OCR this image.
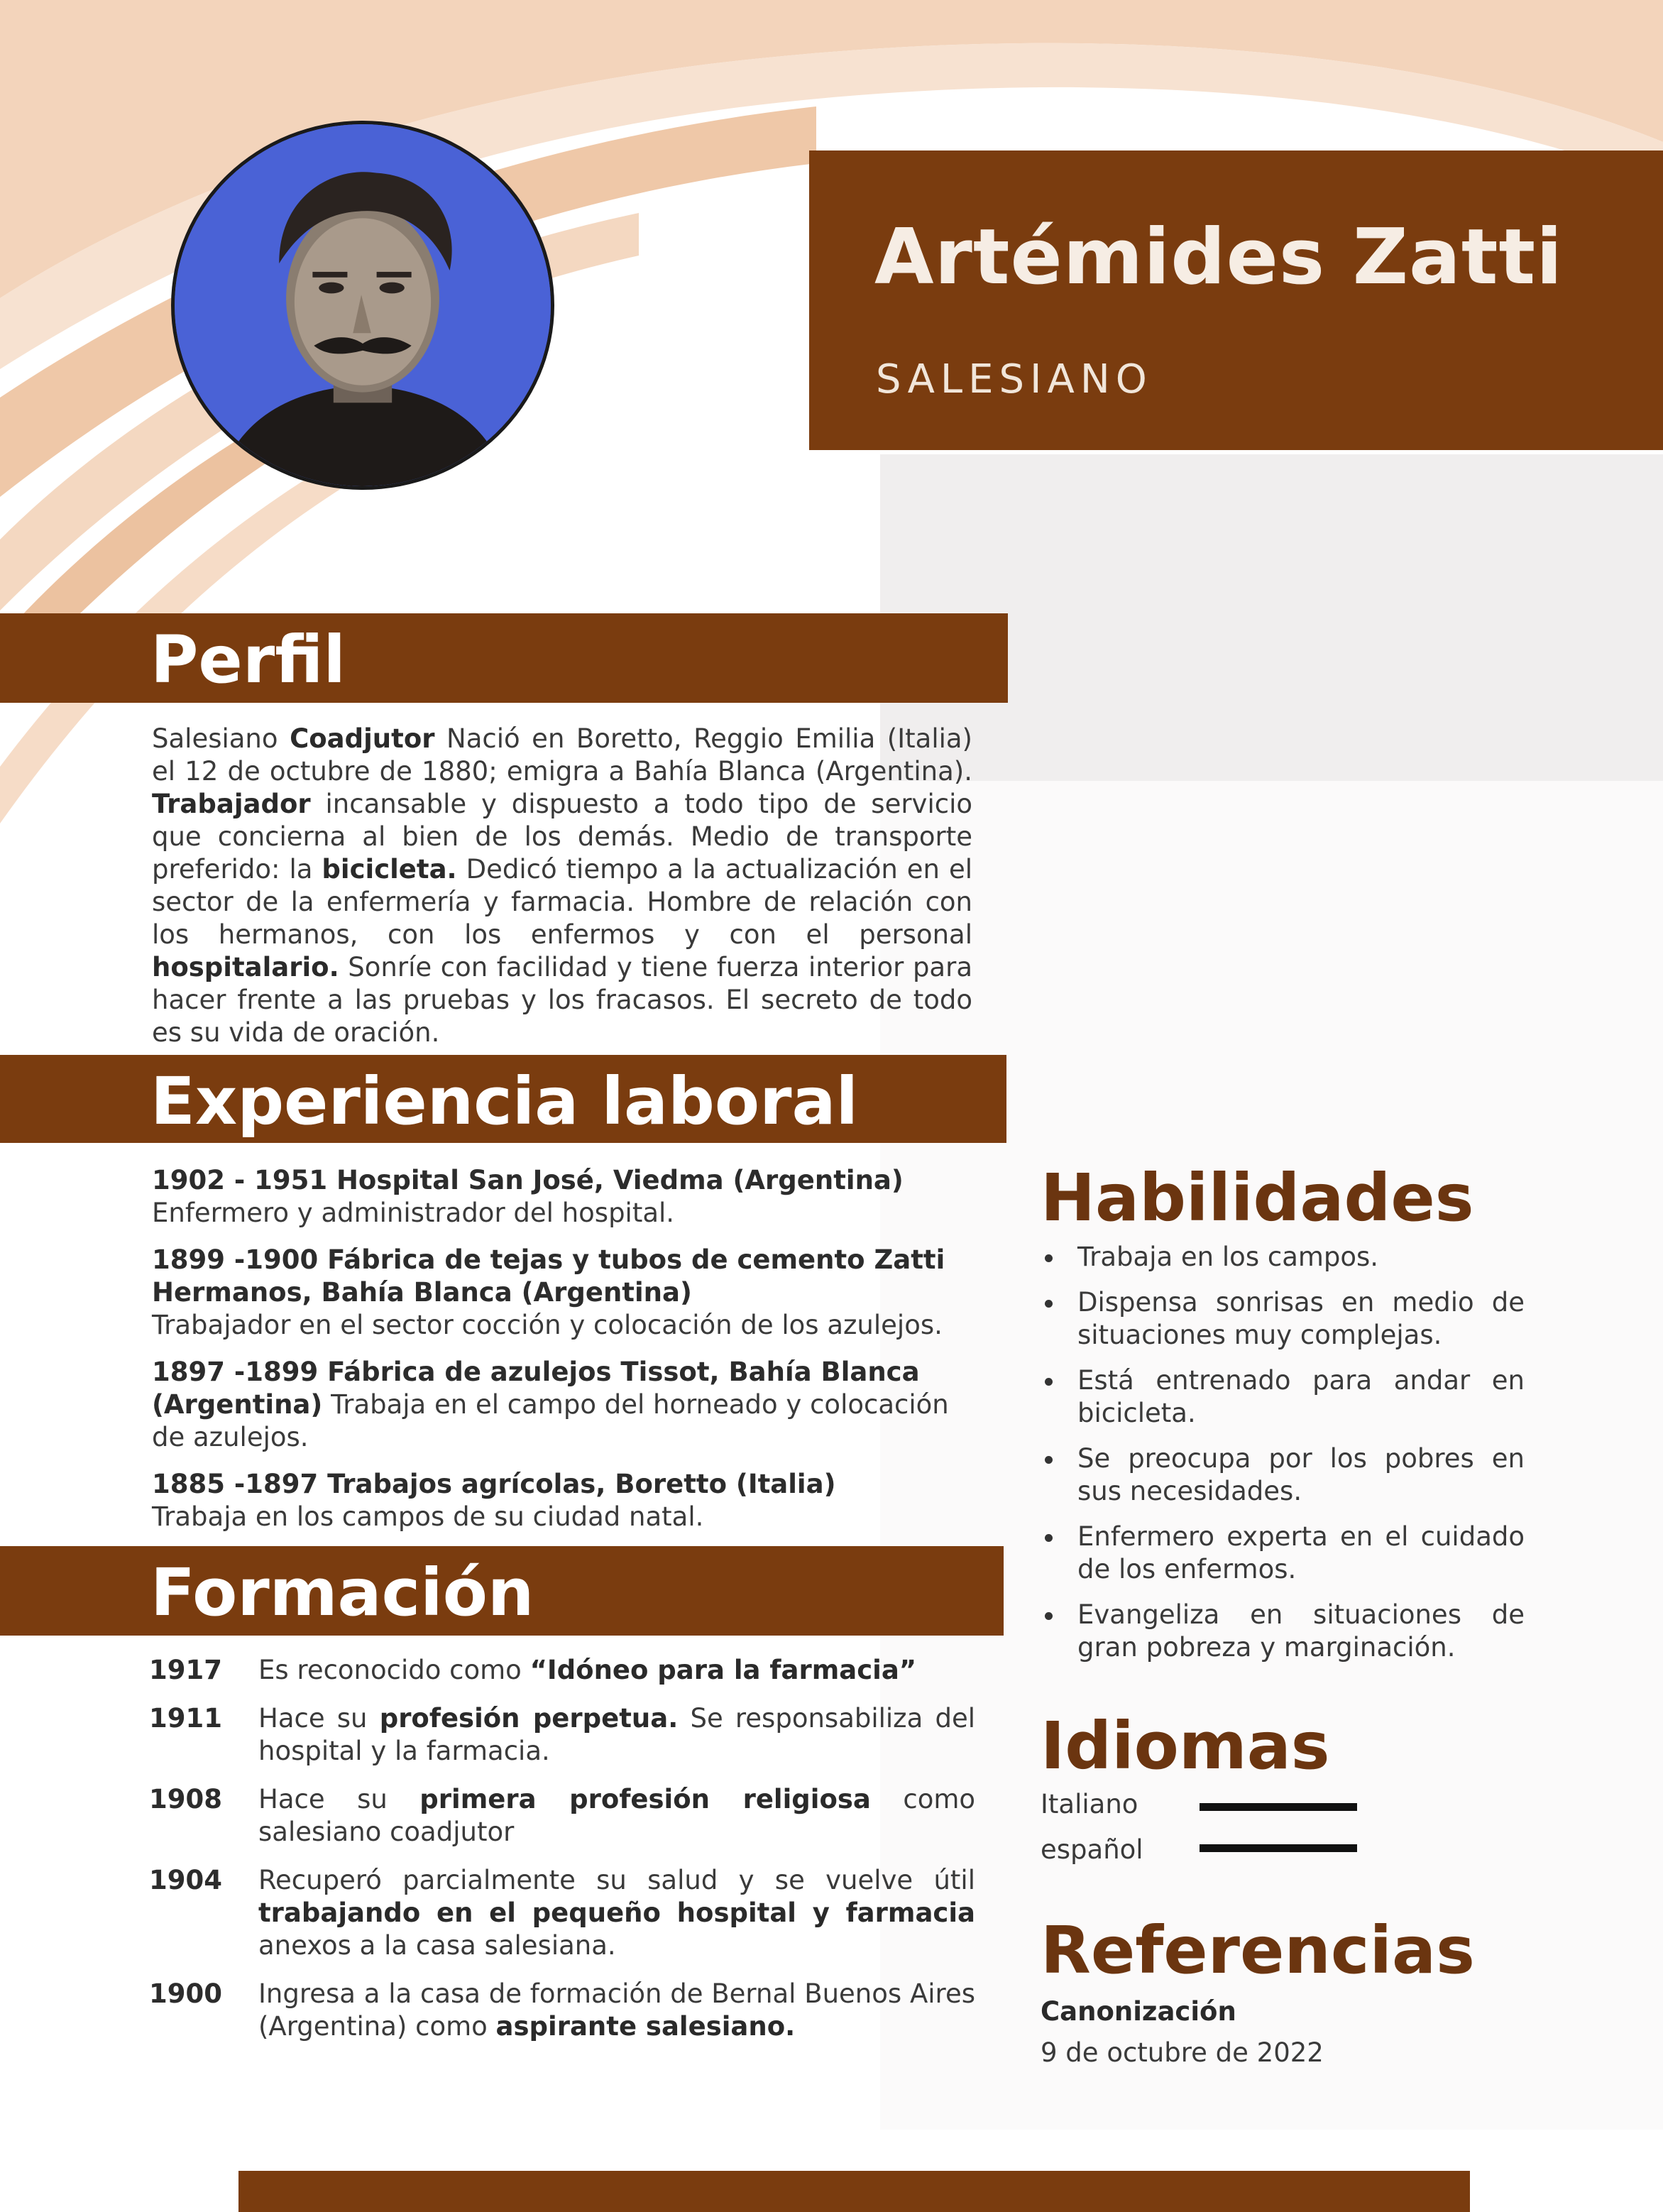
Artémides Zatti
SALESIANO
Perfil
Salesiano Coadjutor Nació en Boretto, Reggio Emilia (Italia) el 12 de octubre de 1880; emigra a Bahía Blanca (Argentina). Trabajador incansable y dispuesto a todo tipo de servicio que concierna al bien de los demás. Medio de transporte preferido: la bicicleta. Dedicó tiempo a la actualización en el sector de la enfermería y farmacia. Hombre de relación con los hermanos, con los enfermos y con el personal hospitalario. Sonríe con facilidad y tiene fuerza interior para hacer frente a las pruebas y los fracasos. El secreto de todo es su vida de oración.
Experiencia laboral
1902 - 1951 Hospital San José, Viedma (Argentina)
Enfermero y administrador del hospital.
1899 -1900 Fábrica de tejas y tubos de cemento Zatti Hermanos, Bahía Blanca (Argentina)
Trabajador en el sector cocción y colocación de los azulejos.
1897 -1899 Fábrica de azulejos Tissot, Bahía Blanca (Argentina) Trabaja en el campo del horneado y colocación de azulejos.
1885 -1897 Trabajos agrícolas, Boretto (Italia)
Trabaja en los campos de su ciudad natal.
Formación
1917	Es reconocido como “Idóneo para la farmacia”
1911	Hace su profesión perpetua. Se responsabiliza del hospital y la farmacia.
1908	Hace su primera profesión religiosa como salesiano coadjutor
1904	Recuperó parcialmente su salud y se vuelve útil trabajando en el pequeño hospital y farmacia anexos a la casa salesiana.
1900	Ingresa a la casa de formación de Bernal Buenos Aires (Argentina) como aspirante salesiano.
Habilidades
Trabaja en los campos.
Dispensa sonrisas en medio de situaciones muy complejas.
Está entrenado para andar en bicicleta.
Se preocupa por los pobres en sus necesidades.
Enfermero experta en el cuidado de los enfermos.
Evangeliza en situaciones de gran pobreza y marginación.
Idiomas
Italiano
español
Referencias
Canonización
9 de octubre de 2022
